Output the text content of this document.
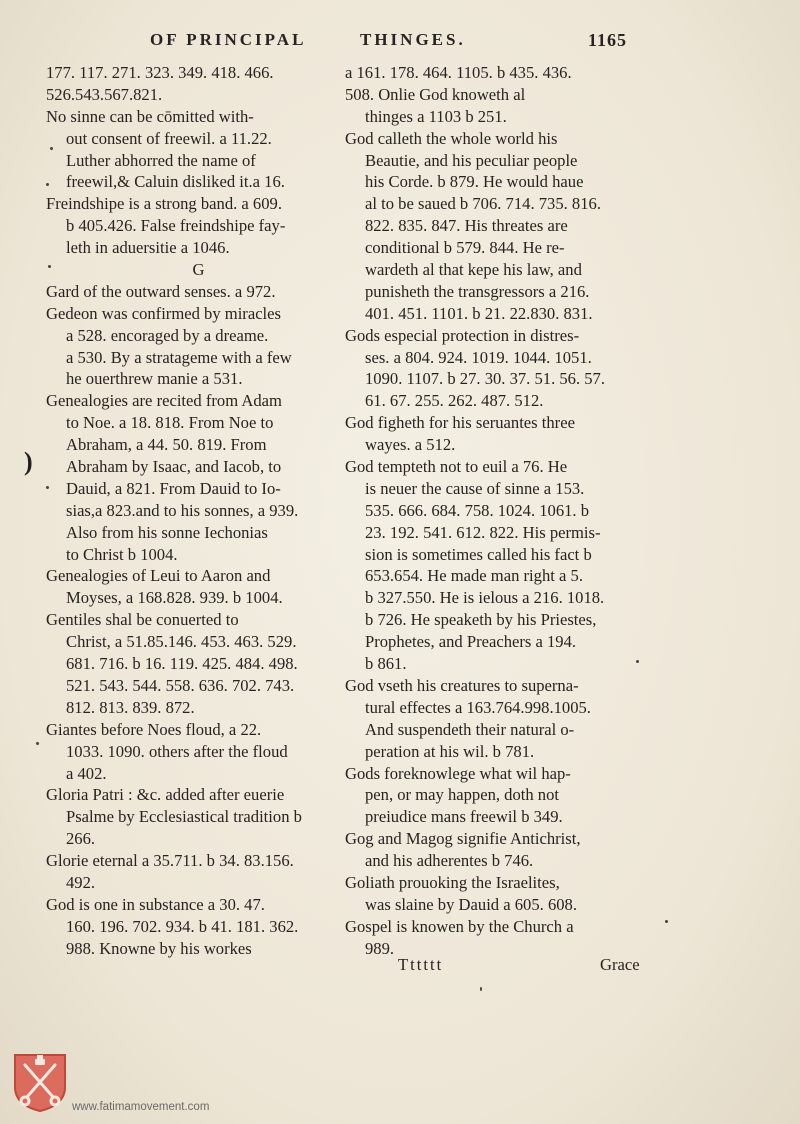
OF PRINCIPAL	THINGES.	1165
177. 117. 271. 323. 349. 418. 466.
526.543.567.821.
No sinne can be cōmitted with-
out consent of freewil. a 11.22.
Luther abhorred the name of
freewil,& Caluin disliked it.a 16.
Freindshipe is a strong band. a 609.
b 405.426. False freindshipe fay-
leth in aduersitie a 1046.
G
Gard of the outward senses. a 972.
Gedeon was confirmed by miracles
a 528. encoraged by a dreame.
a 530. By a stratageme with a few
he ouerthrew manie a 531.
Genealogies are recited from Adam
to Noe. a 18. 818. From Noe to
Abraham, a 44. 50. 819. From
Abraham by Isaac, and Iacob, to
Dauid, a 821. From Dauid to Io-
sias,a 823.and to his sonnes, a 939.
Also from his sonne Iechonias
to Christ b 1004.
Genealogies of Leui to Aaron and
Moyses, a 168.828. 939. b 1004.
Gentiles shal be conuerted to
Christ, a 51.85.146. 453. 463. 529.
681. 716. b 16. 119. 425. 484. 498.
521. 543. 544. 558. 636. 702. 743.
812. 813. 839. 872.
Giantes before Noes floud, a 22.
1033. 1090. others after the floud
a 402.
Gloria Patri : &c. added after euerie
Psalme by Ecclesiastical tradition b
266.
Glorie eternal a 35.711. b 34. 83.156.
492.
God is one in substance a 30. 47.
160. 196. 702. 934. b 41. 181. 362.
988. Knowne by his workes
a 161. 178. 464. 1105. b 435. 436.
508. Onlie God knoweth al
thinges a 1103 b 251.
God calleth the whole world his
Beautie, and his peculiar people
his Corde. b 879. He would haue
al to be saued b 706. 714. 735. 816.
822. 835. 847. His threates are
conditional b 579. 844. He re-
wardeth al that kepe his law, and
punisheth the transgressors a 216.
401. 451. 1101. b 21. 22.830. 831.
Gods especial protection in distres-
ses. a 804. 924. 1019. 1044. 1051.
1090. 1107. b 27. 30. 37. 51. 56. 57.
61. 67. 255. 262. 487. 512.
God figheth for his seruantes three
wayes. a 512.
God tempteth not to euil a 76. He
is neuer the cause of sinne a 153.
535. 666. 684. 758. 1024. 1061. b
23. 192. 541. 612. 822. His permis-
sion is sometimes called his fact b
653.654. He made man right a 5.
b 327.550. He is ielous a 216. 1018.
b 726. He speaketh by his Priestes,
Prophetes, and Preachers a 194.
b 861.
God vseth his creatures to superna-
tural effectes a 163.764.998.1005.
And suspendeth their natural o-
peration at his wil. b 781.
Gods foreknowlege what wil hap-
pen, or may happen, doth not
preiudice mans freewil b 349.
Gog and Magog signifie Antichrist,
and his adherentes b 746.
Goliath prouoking the Israelites,
was slaine by Dauid a 605. 608.
Gospel is knowen by the Church a
989.
)
Tttttt	Grace
www.fatimamovement.com
